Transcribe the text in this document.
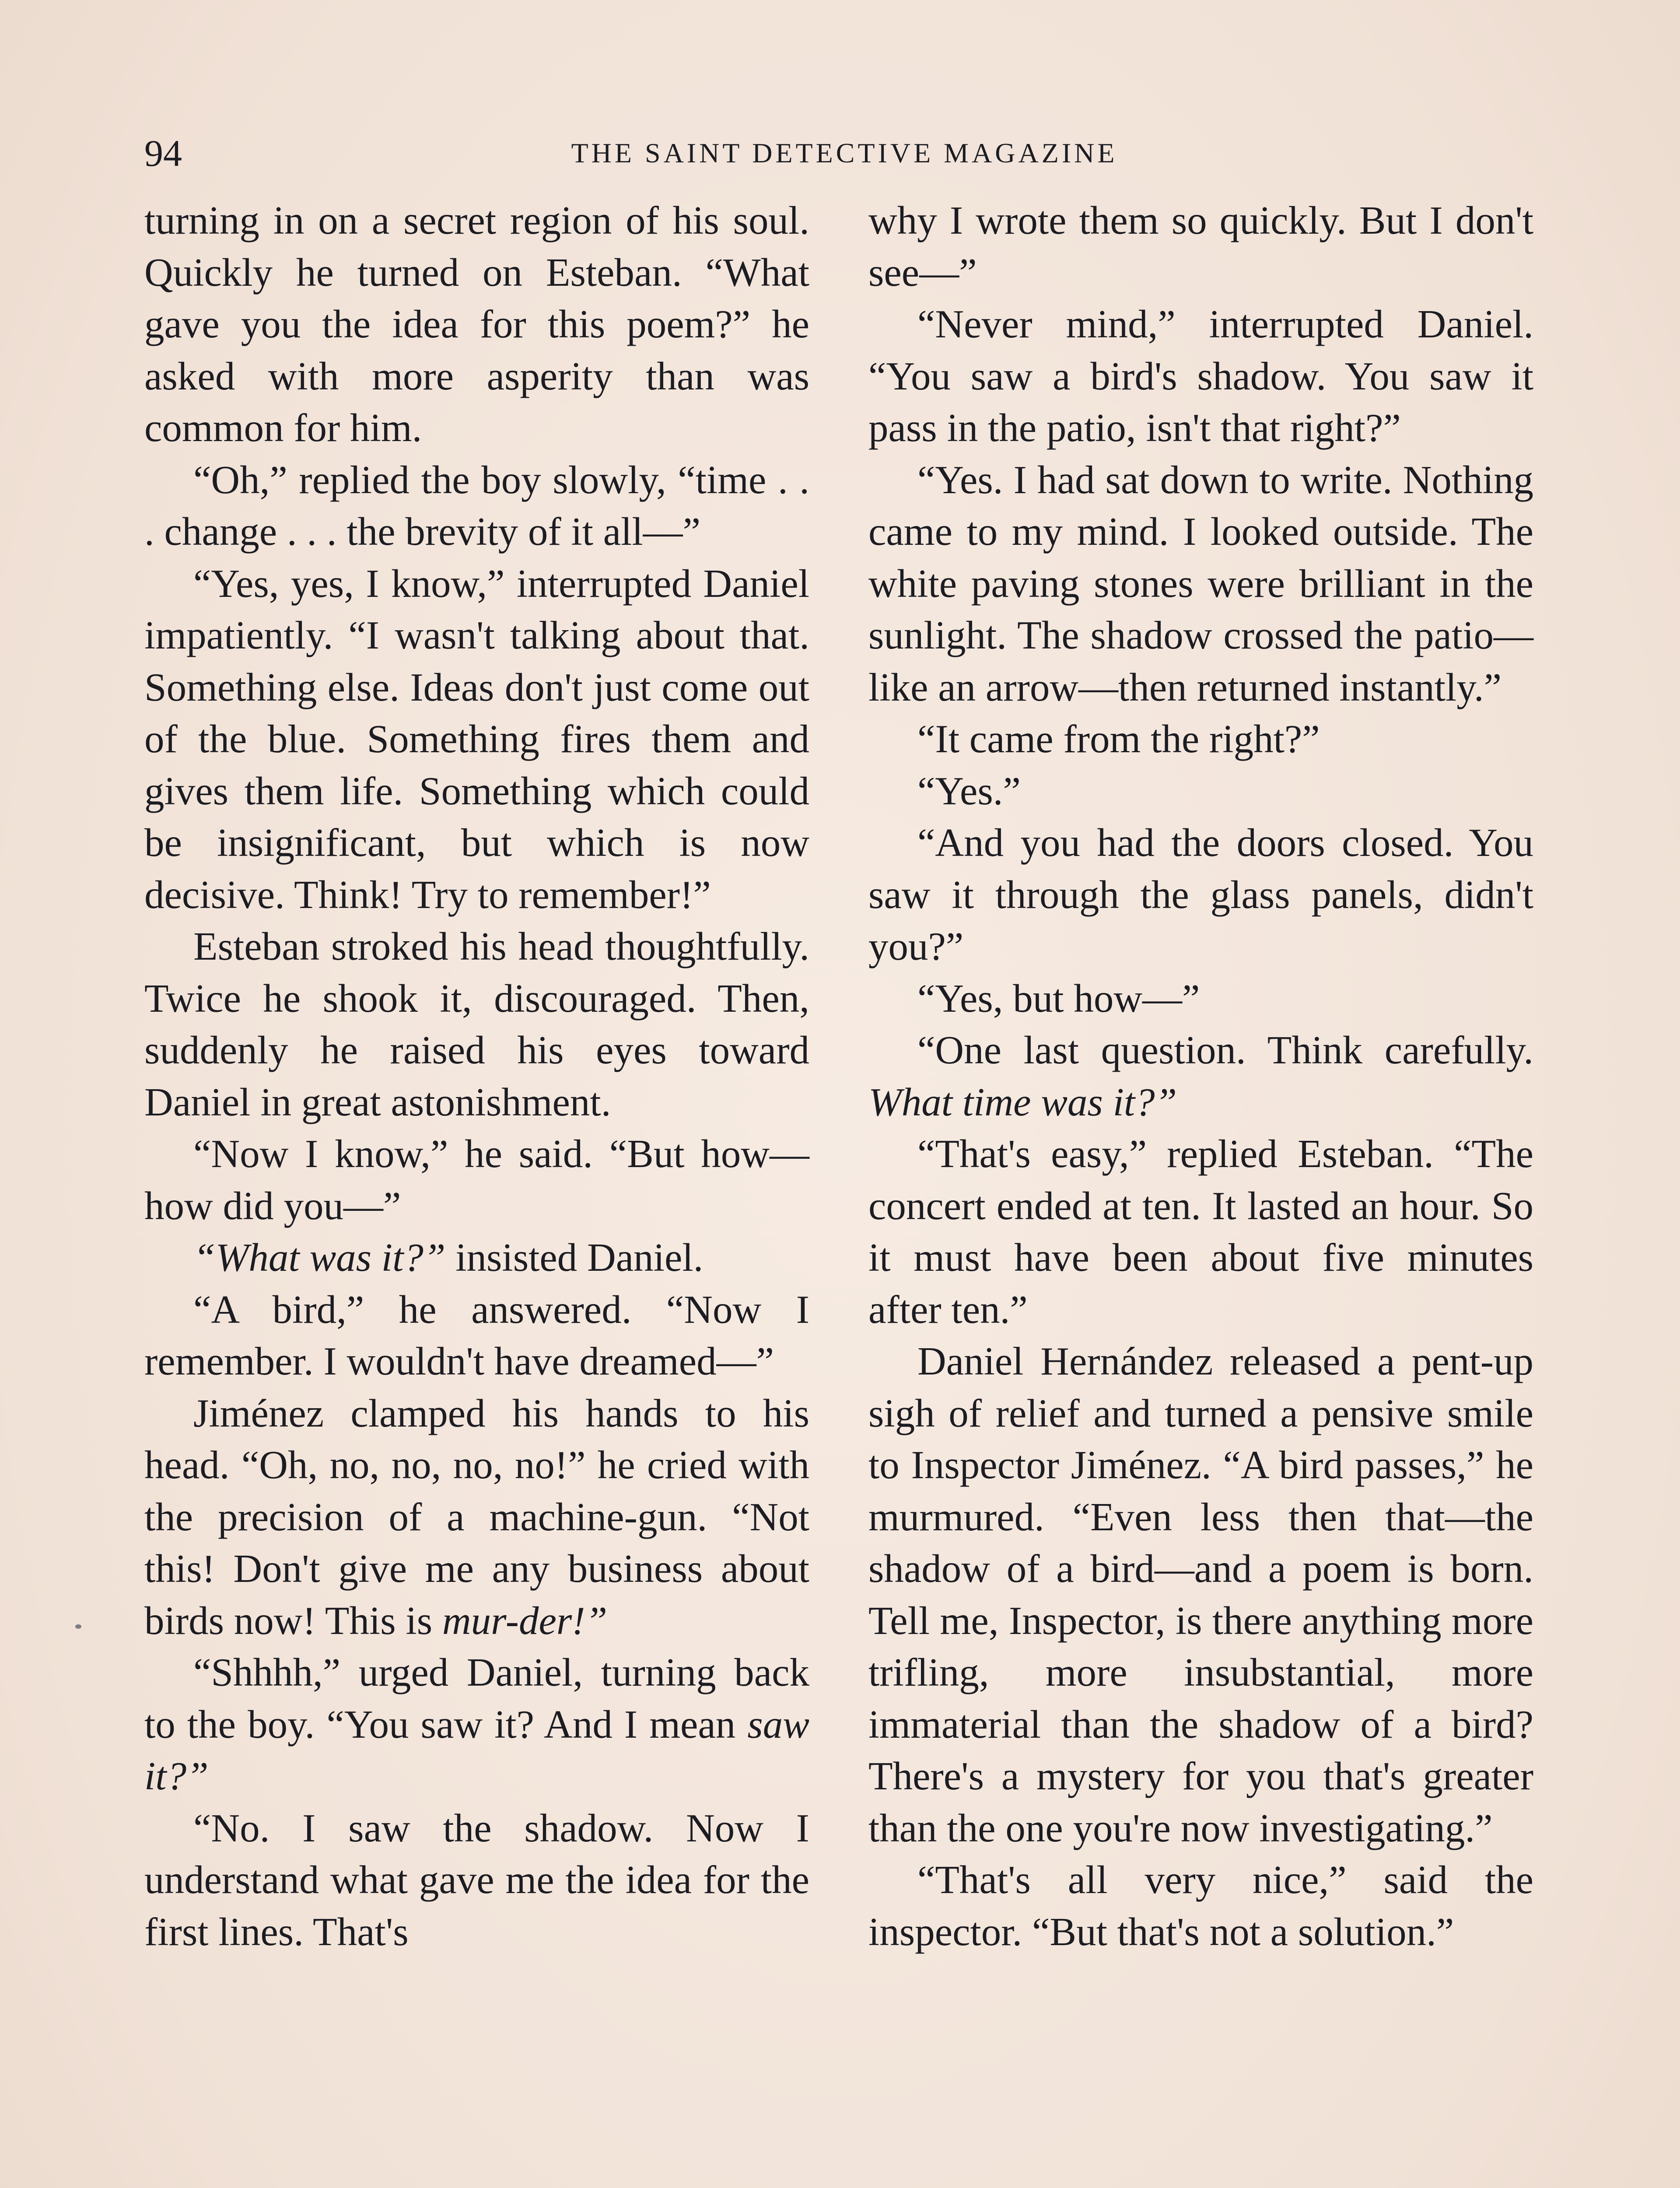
94	THE SAINT DETECTIVE MAGAZINE

turning in on a secret region of his soul. Quickly he turned on Esteban. “What gave you the idea for this poem?” he asked with more asperity than was common for him.

“Oh,” replied the boy slowly, “time . . . change . . . the brevity of it all—”

“Yes, yes, I know,” interrupted Daniel impatiently. “I wasn't talking about that. Something else. Ideas don't just come out of the blue. Something fires them and gives them life. Something which could be insignificant, but which is now decisive. Think! Try to remember!”

Esteban stroked his head thoughtfully. Twice he shook it, discouraged. Then, suddenly he raised his eyes toward Daniel in great astonishment.

“Now I know,” he said. “But how—how did you—”

“What was it?” insisted Daniel.

“A bird,” he answered. “Now I remember. I wouldn't have dreamed—”

Jiménez clamped his hands to his head. “Oh, no, no, no, no!” he cried with the precision of a machine-gun. “Not this! Don't give me any business about birds now! This is mur-der!”

“Shhhh,” urged Daniel, turning back to the boy. “You saw it? And I mean saw it?”

“No. I saw the shadow. Now I understand what gave me the idea for the first lines. That's

why I wrote them so quickly. But I don't see—”

“Never mind,” interrupted Daniel. “You saw a bird's shadow. You saw it pass in the patio, isn't that right?”

“Yes. I had sat down to write. Nothing came to my mind. I looked outside. The white paving stones were brilliant in the sunlight. The shadow crossed the patio—like an arrow—then returned instantly.”

“It came from the right?”

“Yes.”

“And you had the doors closed. You saw it through the glass panels, didn't you?”

“Yes, but how—”

“One last question. Think carefully. What time was it?”

“That's easy,” replied Esteban. “The concert ended at ten. It lasted an hour. So it must have been about five minutes after ten.”

Daniel Hernández released a pent-up sigh of relief and turned a pensive smile to Inspector Jiménez. “A bird passes,” he murmured. “Even less then that—the shadow of a bird—and a poem is born. Tell me, Inspector, is there anything more trifling, more insubstantial, more immaterial than the shadow of a bird? There's a mystery for you that's greater than the one you're now investigating.”

“That's all very nice,” said the inspector. “But that's not a solution.”
